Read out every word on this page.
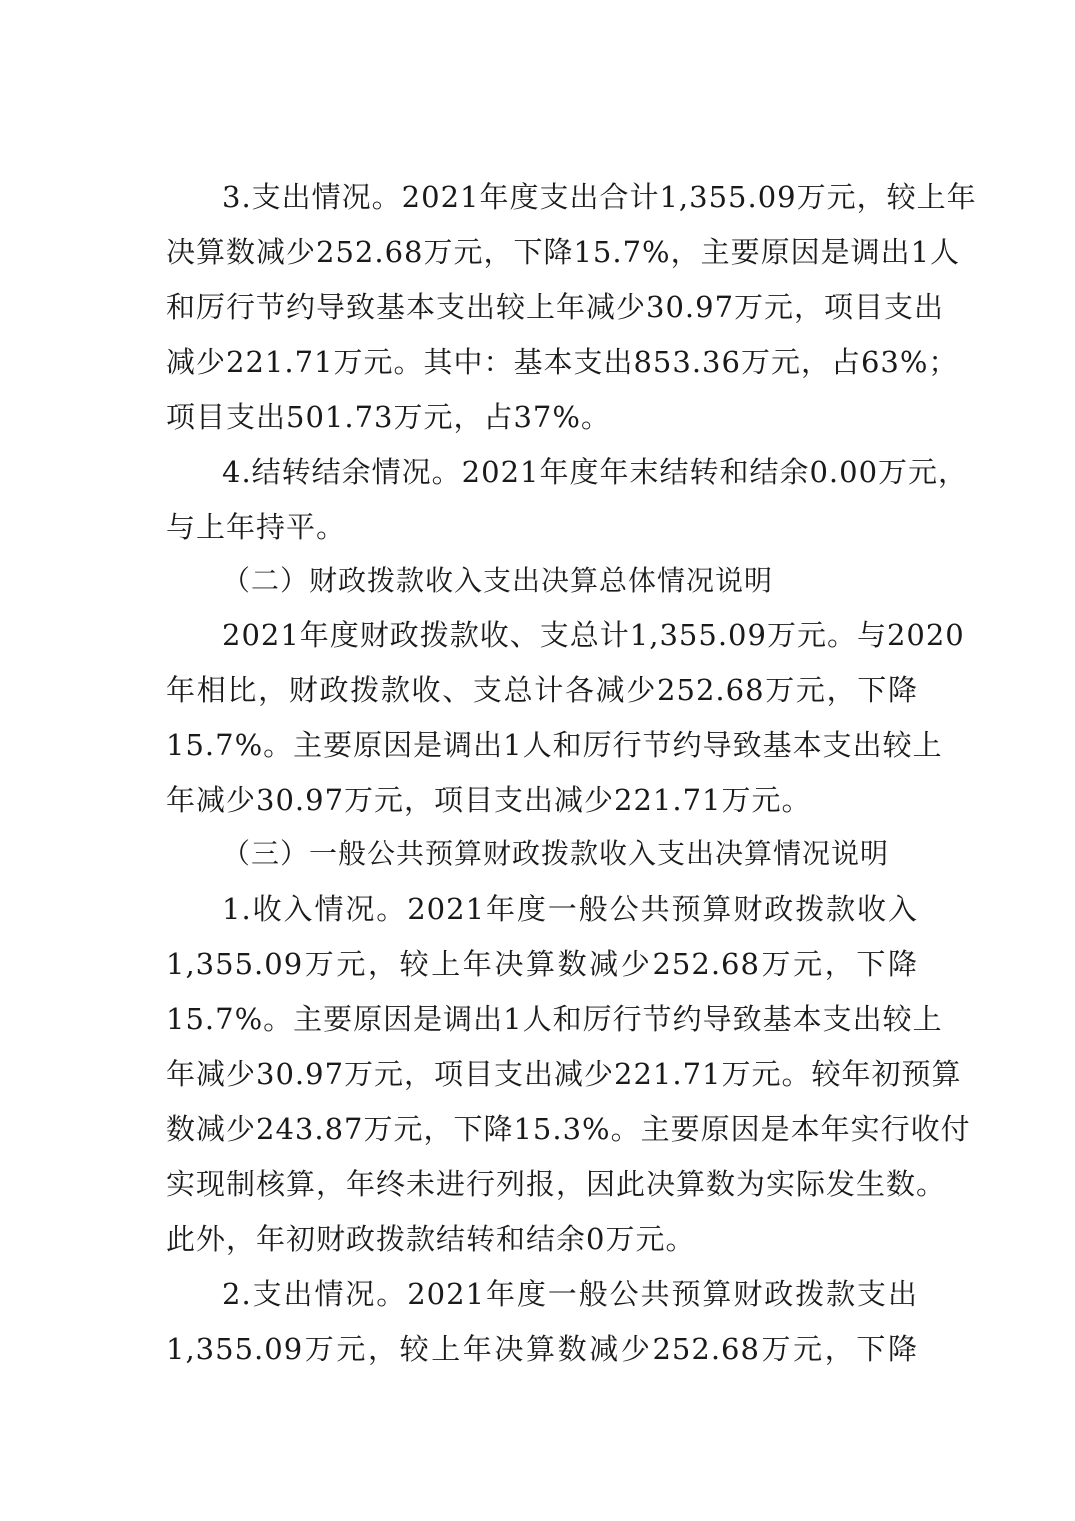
3.支出情况。2021年度支出合计1,355.09万元，较上年
决算数减少252.68万元，下降15.7%，主要原因是调出1人
和厉行节约导致基本支出较上年减少30.97万元，项目支出
减少221.71万元。其中：基本支出853.36万元，占63%；
项目支出501.73万元，占37%。
4.结转结余情况。2021年度年末结转和结余0.00万元，
与上年持平。
（二）财政拨款收入支出决算总体情况说明
2021年度财政拨款收、支总计1,355.09万元。与2020
年相比，财政拨款收、支总计各减少252.68万元，下降
15.7%。主要原因是调出1人和厉行节约导致基本支出较上
年减少30.97万元，项目支出减少221.71万元。
（三）一般公共预算财政拨款收入支出决算情况说明
1.收入情况。2021年度一般公共预算财政拨款收入
1,355.09万元，较上年决算数减少252.68万元，下降
15.7%。主要原因是调出1人和厉行节约导致基本支出较上
年减少30.97万元，项目支出减少221.71万元。较年初预算
数减少243.87万元，下降15.3%。主要原因是本年实行收付
实现制核算，年终未进行列报，因此决算数为实际发生数。
此外，年初财政拨款结转和结余0万元。
2.支出情况。2021年度一般公共预算财政拨款支出
1,355.09万元，较上年决算数减少252.68万元，下降
